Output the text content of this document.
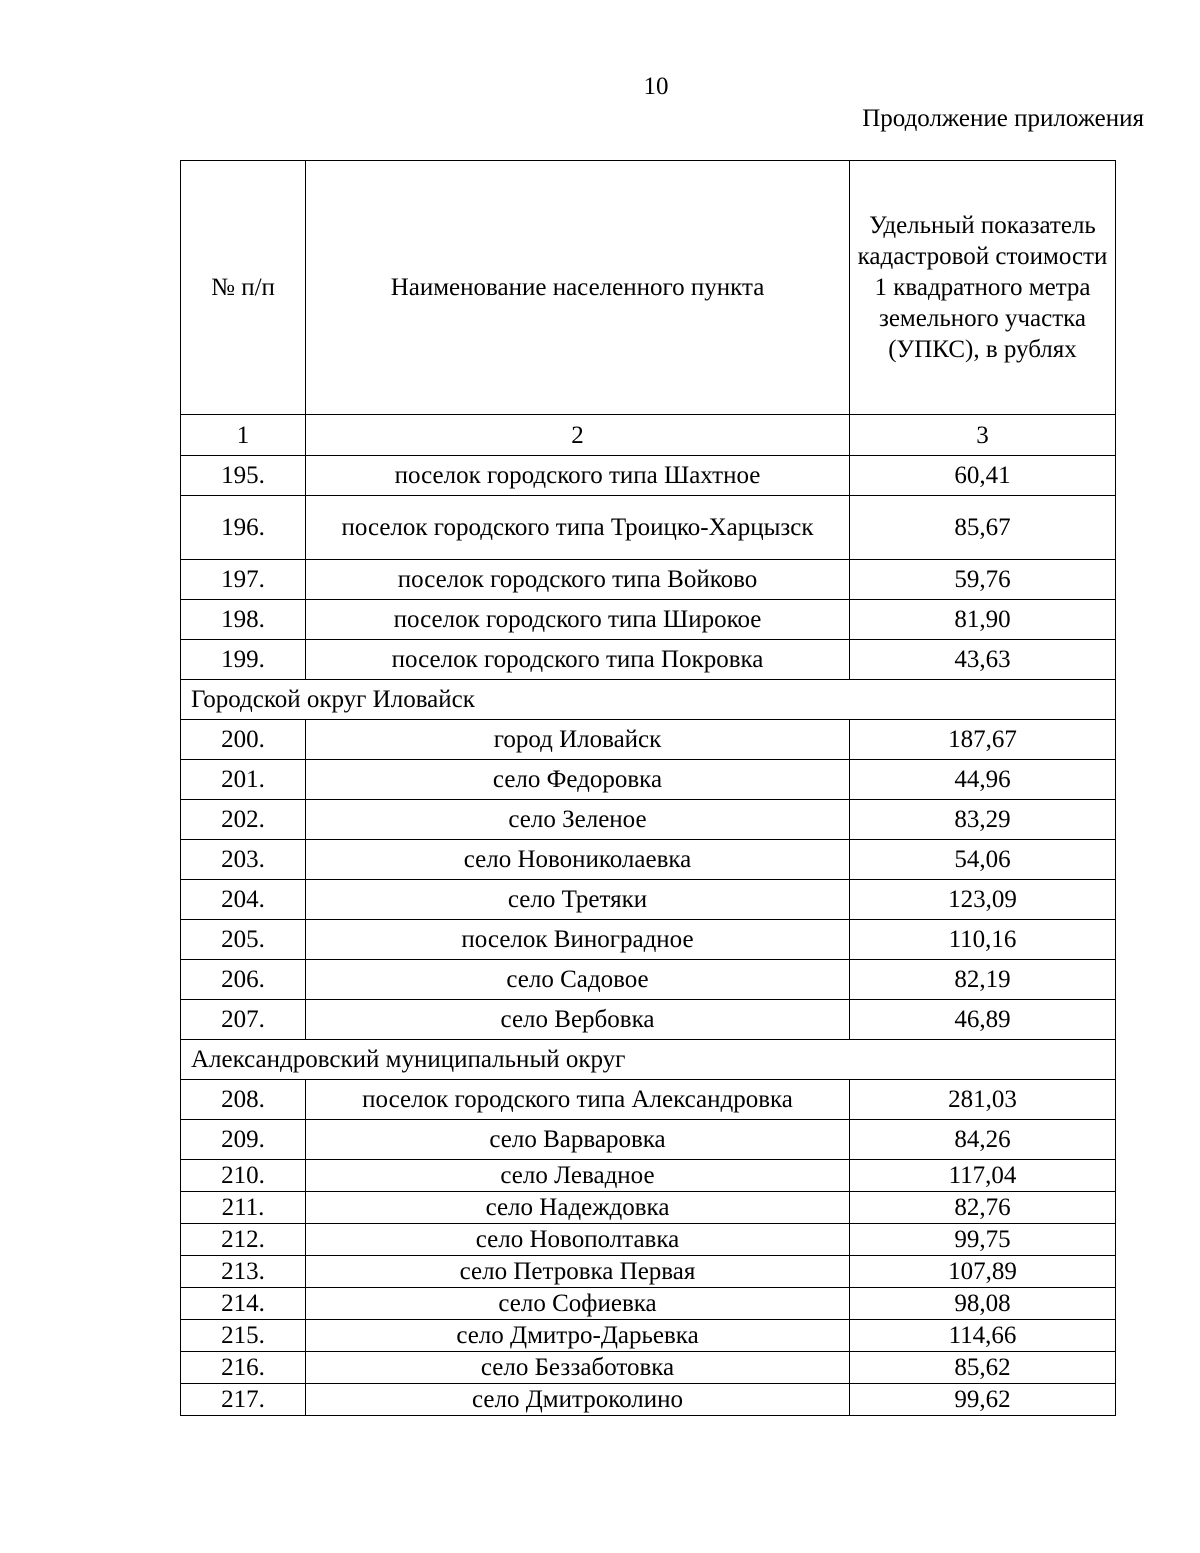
10
Продолжение приложения
№ п/п	Наименование населенного пункта	Удельный показатель кадастровой стоимости 1 квадратного метра земельного участка (УПКС), в рублях
1	2	3
195.	поселок городского типа Шахтное	60,41
196.	поселок городского типа Троицко-Харцызск	85,67
197.	поселок городского типа Войково	59,76
198.	поселок городского типа Широкое	81,90
199.	поселок городского типа Покровка	43,63
Городской округ Иловайск		
200.	город Иловайск	187,67
201.	село Федоровка	44,96
202.	село Зеленое	83,29
203.	село Новониколаевка	54,06
204.	село Третяки	123,09
205.	поселок Виноградное	110,16
206.	село Садовое	82,19
207.	село Вербовка	46,89
Александровский муниципальный округ		
208.	поселок городского типа Александровка	281,03
209.	село Варваровка	84,26
210.	село Левадное	117,04
211.	село Надеждовка	82,76
212.	село Новополтавка	99,75
213.	село Петровка Первая	107,89
214.	село Софиевка	98,08
215.	село Дмитро-Дарьевка	114,66
216.	село Беззаботовка	85,62
217.	село Дмитроколино	99,62
